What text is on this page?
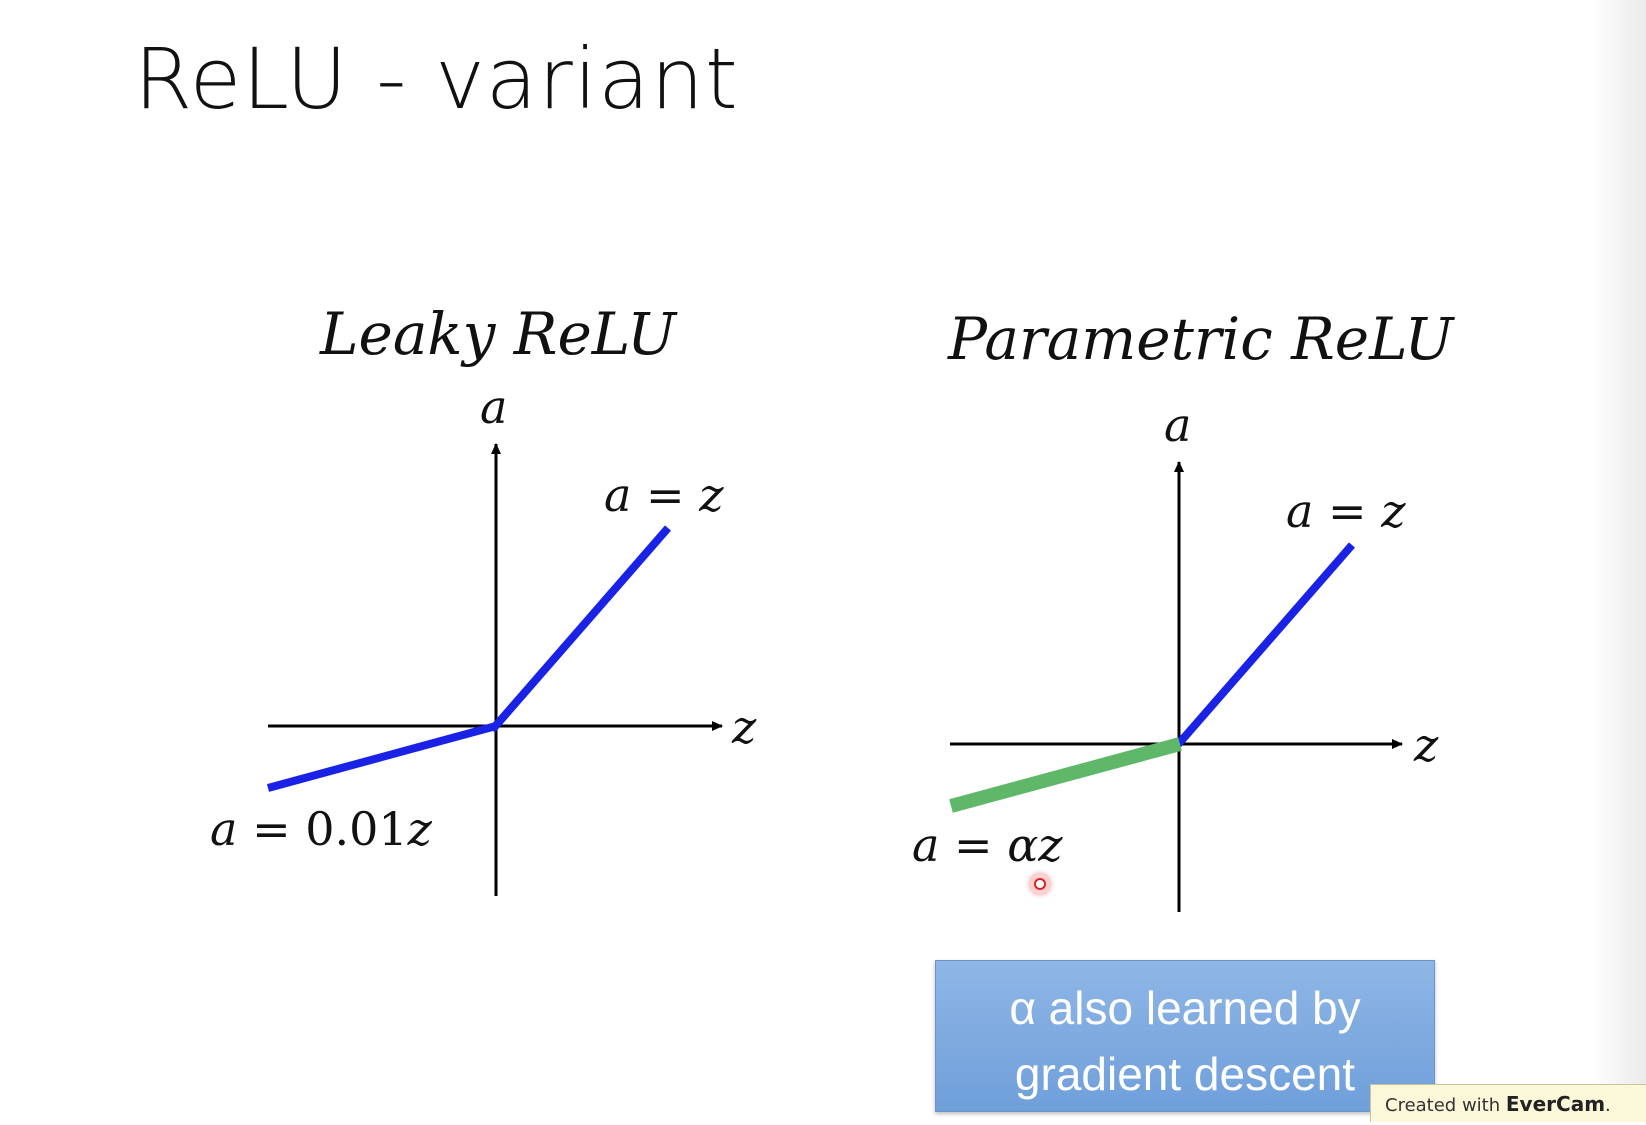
ReLU - variant
Leaky ReLU
a
z
a = z
a = 0.01z
Parametric ReLU
a
z
a = z
a = αz
α also learned by
gradient descent
Created with EverCam.
